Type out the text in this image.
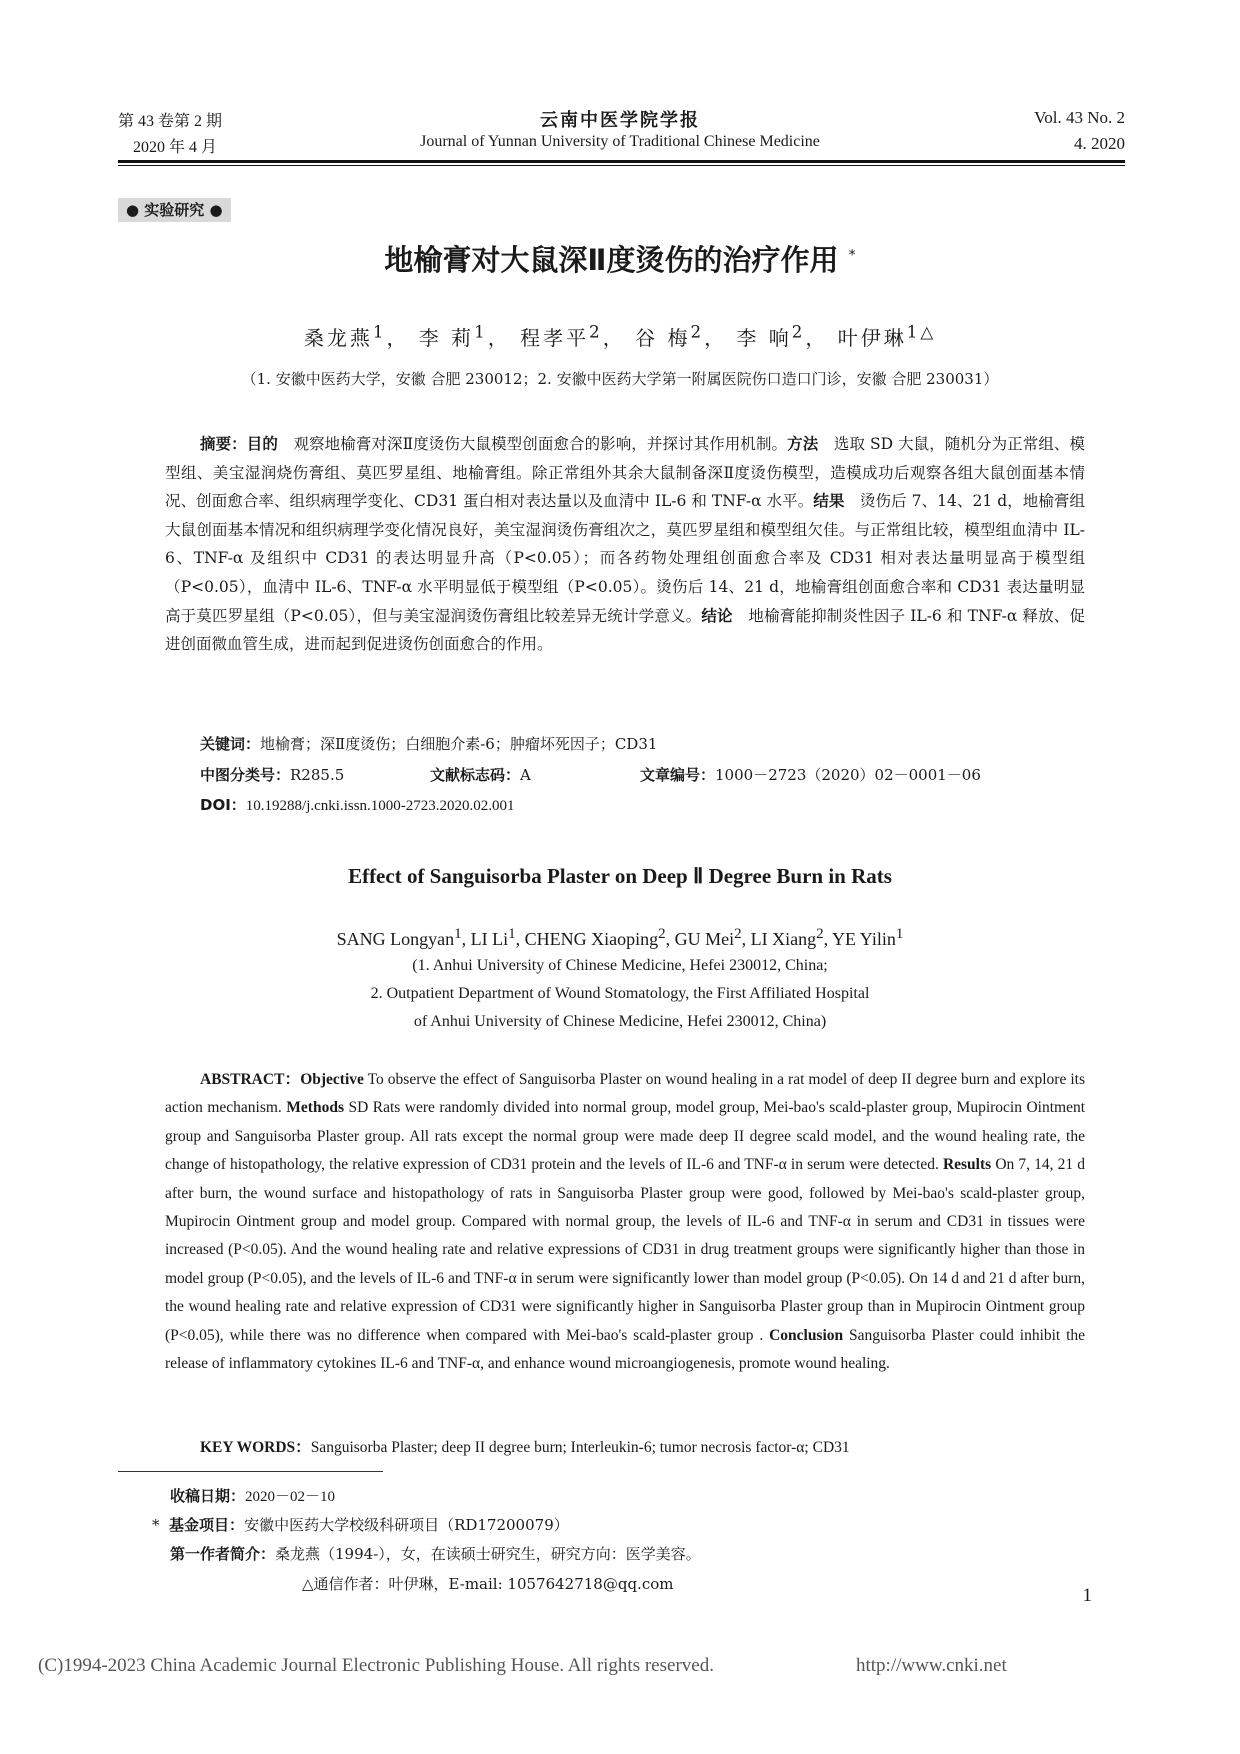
第 43 卷第 2 期
2020 年 4 月
云南中医学院学报
Journal of Yunnan University of Traditional Chinese Medicine
Vol. 43 No. 2
4. 2020
● 实验研究 ●
地榆膏对大鼠深Ⅱ度烫伤的治疗作用 *
桑龙燕$^1$， 李 莉$^1$， 程孝平$^2$， 谷 梅$^2$， 李 响$^2$， 叶伊琳$^{1\triangle}$
（1. 安徽中医药大学，安徽 合肥 230012；2. 安徽中医药大学第一附属医院伤口造口门诊，安徽 合肥 230031）
摘要：目的　 观察地榆膏对深Ⅱ度烫伤大鼠模型创面愈合的影响，并探讨其作用机制。方法　 选取 SD 大鼠，随机分为正常组、模型组、美宝湿润烧伤膏组、莫匹罗星组、地榆膏组。除正常组外其余大鼠制备深Ⅱ度烫伤模型，造模成功后观察各组大鼠创面基本情况、创面愈合率、组织病理学变化、CD31 蛋白相对表达量以及血清中 IL-6 和 TNF-α 水平。结果　 烫伤后 7、14、21 d，地榆膏组大鼠创面基本情况和组织病理学变化情况良好，美宝湿润烫伤膏组次之，莫匹罗星组和模型组欠佳。与正常组比较，模型组血清中 IL-6、TNF-α 及组织中 CD31 的表达明显升高（P<0.05）；而各药物处理组创面愈合率及 CD31 相对表达量明显高于模型组（P<0.05），血清中 IL-6、TNF-α 水平明显低于模型组（P<0.05）。烫伤后 14、21 d，地榆膏组创面愈合率和 CD31 表达量明显高于莫匹罗星组（P<0.05），但与美宝湿润烫伤膏组比较差异无统计学意义。结论　 地榆膏能抑制炎性因子 IL-6 和 TNF-α 释放、促进创面微血管生成，进而起到促进烫伤创面愈合的作用。
关键词：地榆膏；深Ⅱ度烫伤；白细胞介素-6；肿瘤坏死因子；CD31
中图分类号：R285.5	文献标志码：A	文章编号：1000－2723（2020）02－0001－06
DOI：10.19288/j.cnki.issn.1000-2723.2020.02.001
Effect of Sanguisorba Plaster on Deep Ⅱ Degree Burn in Rats
SANG Longyan$^1$, LI Li$^1$, CHENG Xiaoping$^2$, GU Mei$^2$, LI Xiang$^2$, YE Yilin$^1$
(1. Anhui University of Chinese Medicine, Hefei 230012, China;
2. Outpatient Department of Wound Stomatology, the First Affiliated Hospital
of Anhui University of Chinese Medicine, Hefei 230012, China)
ABSTRACT：Objective To observe the effect of Sanguisorba Plaster on wound healing in a rat model of deep II degree burn and explore its action mechanism. Methods SD Rats were randomly divided into normal group, model group, Mei-bao's scald-plaster group, Mupirocin Ointment group and Sanguisorba Plaster group. All rats except the normal group were made deep II degree scald model, and the wound healing rate, the change of histopathology, the relative expression of CD31 protein and the levels of IL-6 and TNF-α in serum were detected. Results On 7, 14, 21 d after burn, the wound surface and histopathology of rats in Sanguisorba Plaster group were good, followed by Mei-bao's scald-plaster group, Mupirocin Ointment group and model group. Compared with normal group, the levels of IL-6 and TNF-α in serum and CD31 in tissues were increased (P<0.05). And the wound healing rate and relative expressions of CD31 in drug treatment groups were significantly higher than those in model group (P<0.05), and the levels of IL-6 and TNF-α in serum were significantly lower than model group (P<0.05). On 14 d and 21 d after burn, the wound healing rate and relative expression of CD31 were significantly higher in Sanguisorba Plaster group than in Mupirocin Ointment group (P<0.05), while there was no difference when compared with Mei-bao's scald-plaster group . Conclusion Sanguisorba Plaster could inhibit the release of inflammatory cytokines IL-6 and TNF-α, and enhance wound microangiogenesis, promote wound healing.
KEY WORDS：Sanguisorba Plaster; deep II degree burn; Interleukin-6; tumor necrosis factor-α; CD31
收稿日期：2020－02－10
* 基金项目：安徽中医药大学校级科研项目（RD17200079）
第一作者简介：桑龙燕（1994-），女，在读硕士研究生，研究方向：医学美容。
△通信作者：叶伊琳，E-mail: 1057642718@qq.com
1
(C)1994-2023 China Academic Journal Electronic Publishing House. All rights reserved.	http://www.cnki.net
